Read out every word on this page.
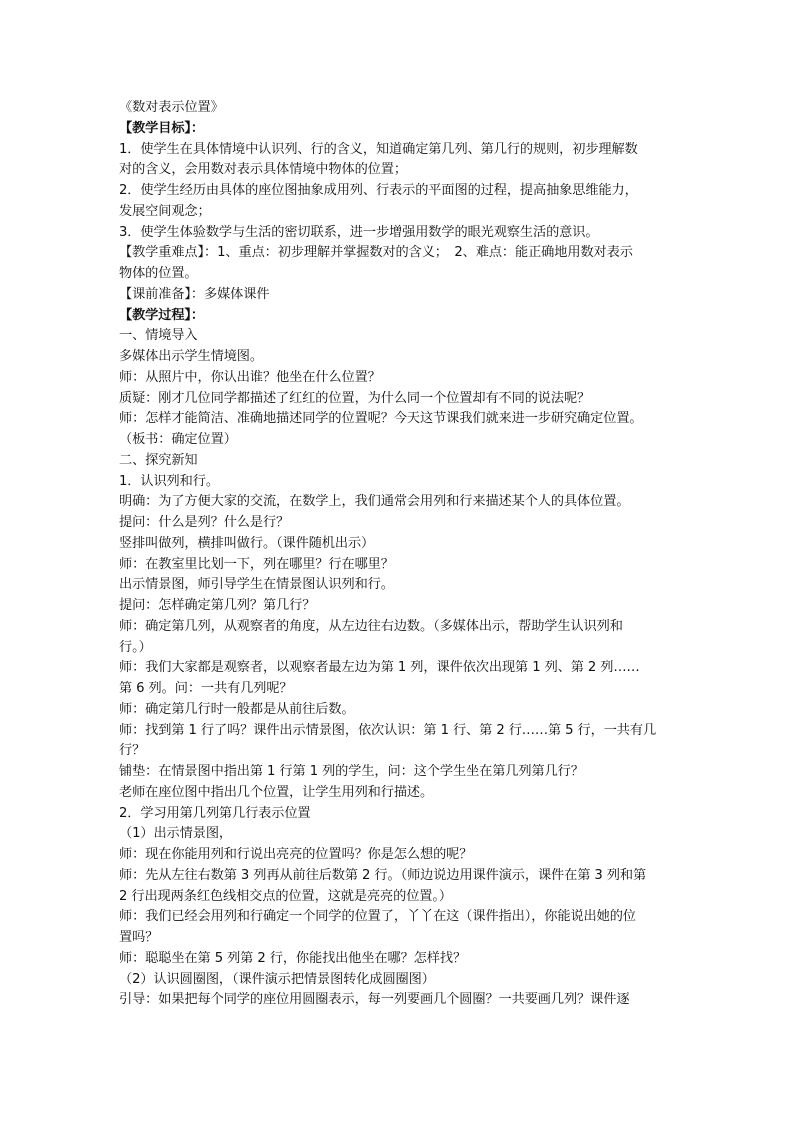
《数对表示位置》
【教学目标】：
1．使学生在具体情境中认识列、行的含义，知道确定第几列、第几行的规则，初步理解数
对的含义，会用数对表示具体情境中物体的位置；
2．使学生经历由具体的座位图抽象成用列、行表示的平面图的过程，提高抽象思维能力，
发展空间观念；
3．使学生体验数学与生活的密切联系，进一步增强用数学的眼光观察生活的意识。
【教学重难点】：1、重点：初步理解并掌握数对的含义；　2、难点：能正确地用数对表示
物体的位置。
【课前准备】：多媒体课件
【教学过程】：
一、情境导入
多媒体出示学生情境图。
师：从照片中，你认出谁？他坐在什么位置？
质疑：刚才几位同学都描述了红红的位置，为什么同一个位置却有不同的说法呢？
师：怎样才能简洁、准确地描述同学的位置呢？今天这节课我们就来进一步研究确定位置。
（板书：确定位置）
二、探究新知
1．认识列和行。
明确：为了方便大家的交流，在数学上，我们通常会用列和行来描述某个人的具体位置。
提问：什么是列？什么是行？
竖排叫做列，横排叫做行。（课件随机出示）
师：在教室里比划一下，列在哪里？行在哪里？
出示情景图，师引导学生在情景图认识列和行。
提问：怎样确定第几列？第几行？
师：确定第几列，从观察者的角度，从左边往右边数。（多媒体出示，帮助学生认识列和
行。）
师：我们大家都是观察者，以观察者最左边为第 1 列，课件依次出现第 1 列、第 2 列……
第 6 列。问：一共有几列呢？
师：确定第几行时一般都是从前往后数。
师：找到第 1 行了吗？课件出示情景图，依次认识：第 1 行、第 2 行……第 5 行，一共有几
行？
铺垫：在情景图中指出第 1 行第 1 列的学生，问：这个学生坐在第几列第几行？
老师在座位图中指出几个位置，让学生用列和行描述。
2．学习用第几列第几行表示位置
（1）出示情景图，
师：现在你能用列和行说出亮亮的位置吗？你是怎么想的呢？
师：先从左往右数第 3 列再从前往后数第 2 行。（师边说边用课件演示，课件在第 3 列和第
2 行出现两条红色线相交点的位置，这就是亮亮的位置。）
师：我们已经会用列和行确定一个同学的位置了，丫丫在这（课件指出），你能说出她的位
置吗？
师：聪聪坐在第 5 列第 2 行，你能找出他坐在哪？怎样找？
（2）认识圆圈图，（课件演示把情景图转化成圆圈图）
引导：如果把每个同学的座位用圆圈表示，每一列要画几个圆圈？一共要画几列？课件逐
